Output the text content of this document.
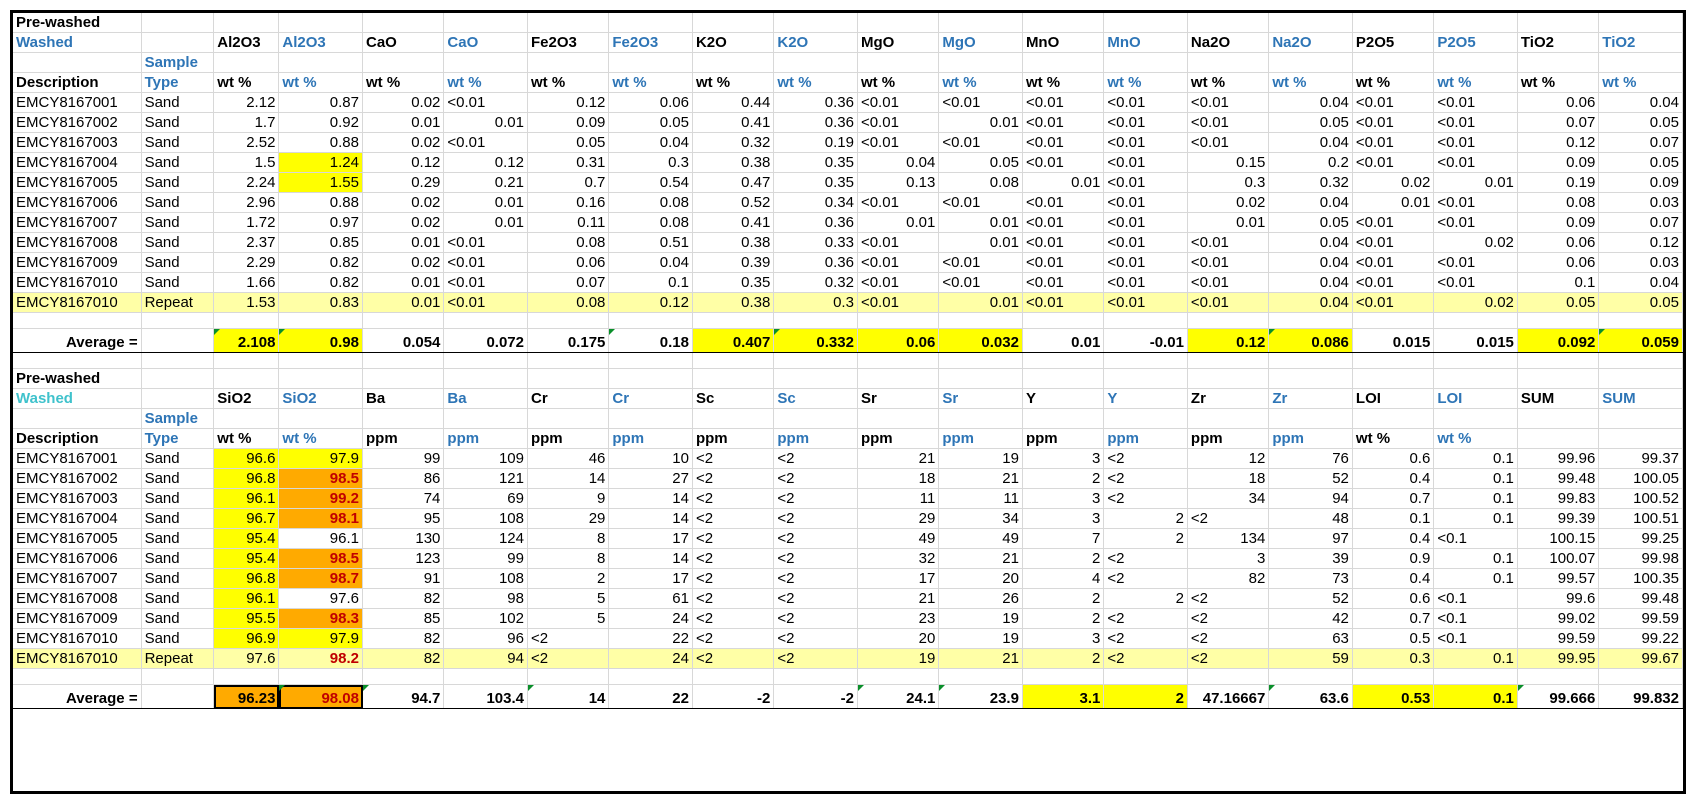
Pre-washed																			
Washed		Al2O3	Al2O3	CaO	CaO	Fe2O3	Fe2O3	K2O	K2O	MgO	MgO	MnO	MnO	Na2O	Na2O	P2O5	P2O5	TiO2	TiO2
	Sample																		
Description	Type	wt %	wt %	wt %	wt %	wt %	wt %	wt %	wt %	wt %	wt %	wt %	wt %	wt %	wt %	wt %	wt %	wt %	wt %
EMCY8167001	Sand	2.12	0.87	0.02	<0.01	0.12	0.06	0.44	0.36	<0.01	<0.01	<0.01	<0.01	<0.01	0.04	<0.01	<0.01	0.06	0.04
EMCY8167002	Sand	1.7	0.92	0.01	0.01	0.09	0.05	0.41	0.36	<0.01	0.01	<0.01	<0.01	<0.01	0.05	<0.01	<0.01	0.07	0.05
EMCY8167003	Sand	2.52	0.88	0.02	<0.01	0.05	0.04	0.32	0.19	<0.01	<0.01	<0.01	<0.01	<0.01	0.04	<0.01	<0.01	0.12	0.07
EMCY8167004	Sand	1.5	1.24	0.12	0.12	0.31	0.3	0.38	0.35	0.04	0.05	<0.01	<0.01	0.15	0.2	<0.01	<0.01	0.09	0.05
EMCY8167005	Sand	2.24	1.55	0.29	0.21	0.7	0.54	0.47	0.35	0.13	0.08	0.01	<0.01	0.3	0.32	0.02	0.01	0.19	0.09
EMCY8167006	Sand	2.96	0.88	0.02	0.01	0.16	0.08	0.52	0.34	<0.01	<0.01	<0.01	<0.01	0.02	0.04	0.01	<0.01	0.08	0.03
EMCY8167007	Sand	1.72	0.97	0.02	0.01	0.11	0.08	0.41	0.36	0.01	0.01	<0.01	<0.01	0.01	0.05	<0.01	<0.01	0.09	0.07
EMCY8167008	Sand	2.37	0.85	0.01	<0.01	0.08	0.51	0.38	0.33	<0.01	0.01	<0.01	<0.01	<0.01	0.04	<0.01	0.02	0.06	0.12
EMCY8167009	Sand	2.29	0.82	0.02	<0.01	0.06	0.04	0.39	0.36	<0.01	<0.01	<0.01	<0.01	<0.01	0.04	<0.01	<0.01	0.06	0.03
EMCY8167010	Sand	1.66	0.82	0.01	<0.01	0.07	0.1	0.35	0.32	<0.01	<0.01	<0.01	<0.01	<0.01	0.04	<0.01	<0.01	0.1	0.04
EMCY8167010	Repeat	1.53	0.83	0.01	<0.01	0.08	0.12	0.38	0.3	<0.01	0.01	<0.01	<0.01	<0.01	0.04	<0.01	0.02	0.05	0.05

Average =		2.108	0.98	0.054	0.072	0.175	0.18	0.407	0.332	0.06	0.032	0.01	-0.01	0.12	0.086	0.015	0.015	0.092	0.059

Pre-washed																			
Washed		SiO2	SiO2	Ba	Ba	Cr	Cr	Sc	Sc	Sr	Sr	Y	Y	Zr	Zr	LOI	LOI	SUM	SUM
	Sample																		
Description	Type	wt %	wt %	ppm	ppm	ppm	ppm	ppm	ppm	ppm	ppm	ppm	ppm	ppm	ppm	wt %	wt %		
EMCY8167001	Sand	96.6	97.9	99	109	46	10	<2	<2	21	19	3	<2	12	76	0.6	0.1	99.96	99.37
EMCY8167002	Sand	96.8	98.5	86	121	14	27	<2	<2	18	21	2	<2	18	52	0.4	0.1	99.48	100.05
EMCY8167003	Sand	96.1	99.2	74	69	9	14	<2	<2	11	11	3	<2	34	94	0.7	0.1	99.83	100.52
EMCY8167004	Sand	96.7	98.1	95	108	29	14	<2	<2	29	34	3	2	<2	48	0.1	0.1	99.39	100.51
EMCY8167005	Sand	95.4	96.1	130	124	8	17	<2	<2	49	49	7	2	134	97	0.4	<0.1	100.15	99.25
EMCY8167006	Sand	95.4	98.5	123	99	8	14	<2	<2	32	21	2	<2	3	39	0.9	0.1	100.07	99.98
EMCY8167007	Sand	96.8	98.7	91	108	2	17	<2	<2	17	20	4	<2	82	73	0.4	0.1	99.57	100.35
EMCY8167008	Sand	96.1	97.6	82	98	5	61	<2	<2	21	26	2	2	<2	52	0.6	<0.1	99.6	99.48
EMCY8167009	Sand	95.5	98.3	85	102	5	24	<2	<2	23	19	2	<2	<2	42	0.7	<0.1	99.02	99.59
EMCY8167010	Sand	96.9	97.9	82	96	<2	22	<2	<2	20	19	3	<2	<2	63	0.5	<0.1	99.59	99.22
EMCY8167010	Repeat	97.6	98.2	82	94	<2	24	<2	<2	19	21	2	<2	<2	59	0.3	0.1	99.95	99.67

Average =		96.23	98.08	94.7	103.4	14	22	-2	-2	24.1	23.9	3.1	2	47.16667	63.6	0.53	0.1	99.666	99.832
